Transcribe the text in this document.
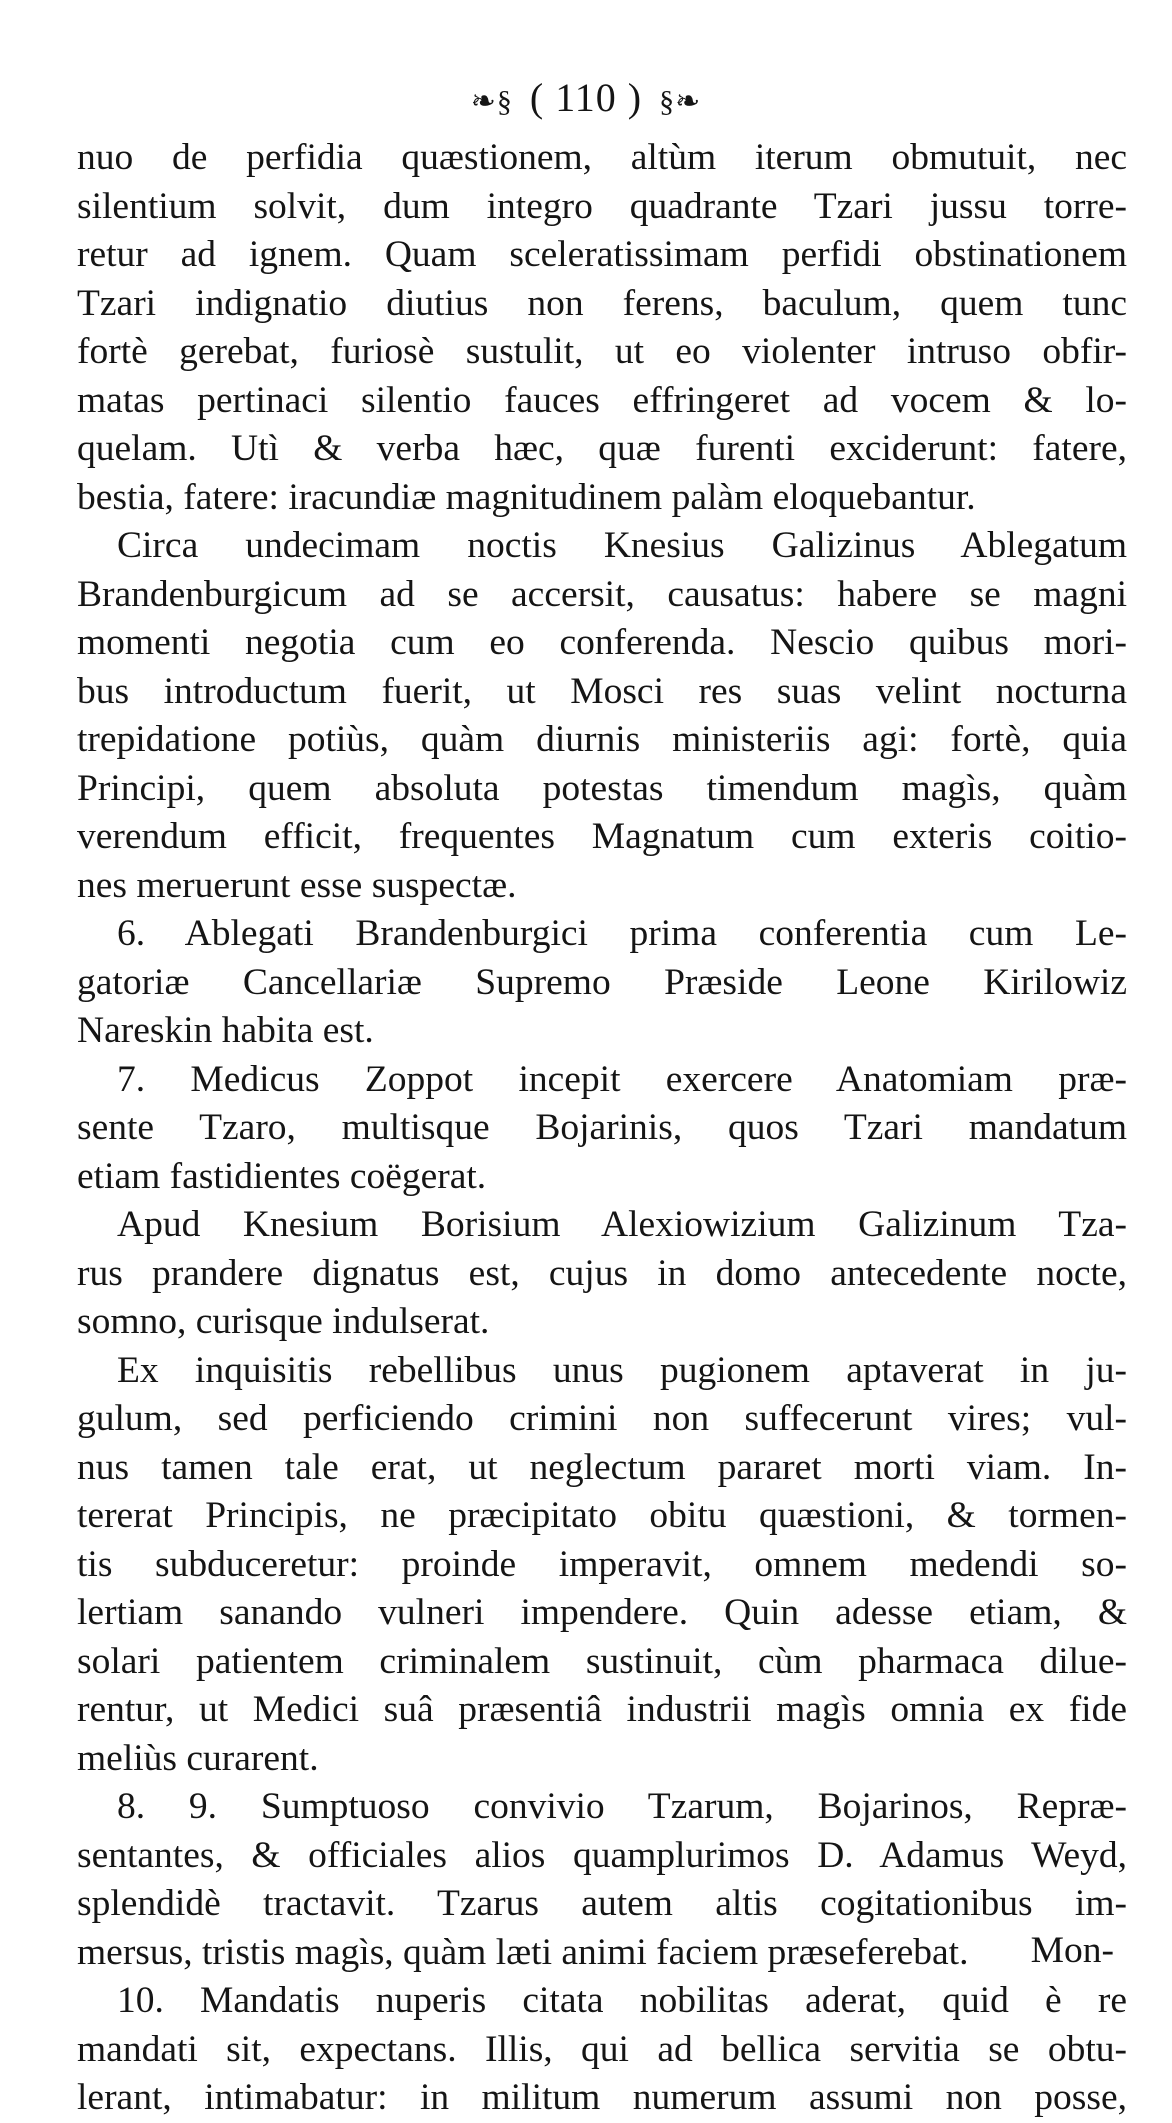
❧§ ( 110 ) §❧
nuo de perfidia quæstionem, altùm iterum obmutuit, nec
silentium solvit, dum integro quadrante Tzari jussu torre-
retur ad ignem. Quam sceleratissimam perfidi obstinationem
Tzari indignatio diutius non ferens, baculum, quem tunc
fortè gerebat, furiosè sustulit, ut eo violenter intruso obfir-
matas pertinaci silentio fauces effringeret ad vocem & lo-
quelam. Utì & verba hæc, quæ furenti exciderunt: fatere,
bestia, fatere: iracundiæ magnitudinem palàm eloquebantur.
Circa undecimam noctis Knesius Galizinus Ablegatum
Brandenburgicum ad se accersit, causatus: habere se magni
momenti negotia cum eo conferenda. Nescio quibus mori-
bus introductum fuerit, ut Mosci res suas velint nocturna
trepidatione potiùs, quàm diurnis ministeriis agi: fortè, quia
Principi, quem absoluta potestas timendum magìs, quàm
verendum efficit, frequentes Magnatum cum exteris coitio-
nes meruerunt esse suspectæ.
6. Ablegati Brandenburgici prima conferentia cum Le-
gatoriæ Cancellariæ Supremo Præside Leone Kirilowiz
Nareskin habita est.
7. Medicus Zoppot incepit exercere Anatomiam præ-
sente Tzaro, multisque Bojarinis, quos Tzari mandatum
etiam fastidientes coëgerat.
Apud Knesium Borisium Alexiowizium Galizinum Tza-
rus prandere dignatus est, cujus in domo antecedente nocte,
somno, curisque indulserat.
Ex inquisitis rebellibus unus pugionem aptaverat in ju-
gulum, sed perficiendo crimini non suffecerunt vires; vul-
nus tamen tale erat, ut neglectum pararet morti viam. In-
tererat Principis, ne præcipitato obitu quæstioni, & tormen-
tis subduceretur: proinde imperavit, omnem medendi so-
lertiam sanando vulneri impendere. Quin adesse etiam, &
solari patientem criminalem sustinuit, cùm pharmaca dilue-
rentur, ut Medici suâ præsentiâ industrii magìs omnia ex fide
meliùs curarent.
8. 9. Sumptuoso convivio Tzarum, Bojarinos, Repræ-
sentantes, & officiales alios quamplurimos D. Adamus Weyd,
splendidè tractavit. Tzarus autem altis cogitationibus im-
mersus, tristis magìs, quàm læti animi faciem præseferebat.
10. Mandatis nuperis citata nobilitas aderat, quid è re
mandati sit, expectans. Illis, qui ad bellica servitia se obtu-
lerant, intimabatur: in militum numerum assumi non posse,
Mon-
